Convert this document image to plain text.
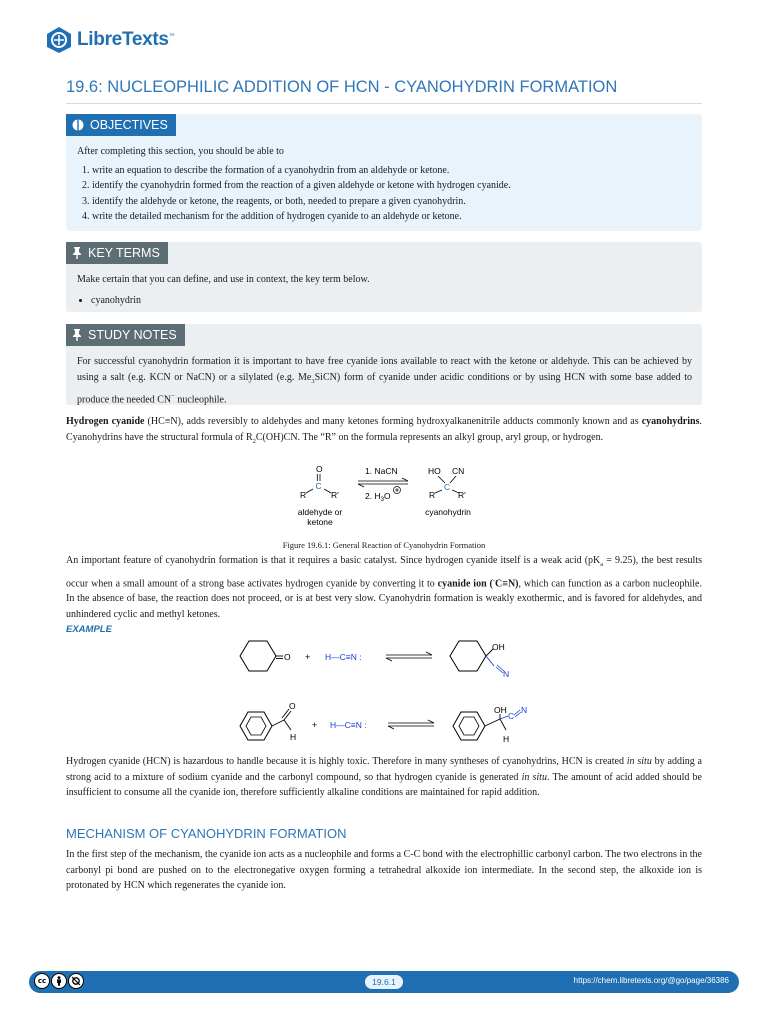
LibreTexts™
19.6: NUCLEOPHILIC ADDITION OF HCN - CYANOHYDRIN FORMATION
OBJECTIVES

After completing this section, you should be able to

1. write an equation to describe the formation of a cyanohydrin from an aldehyde or ketone.
2. identify the cyanohydrin formed from the reaction of a given aldehyde or ketone with hydrogen cyanide.
3. identify the aldehyde or ketone, the reagents, or both, needed to prepare a given cyanohydrin.
4. write the detailed mechanism for the addition of hydrogen cyanide to an aldehyde or ketone.
KEY TERMS

Make certain that you can define, and use in context, the key term below.

• cyanohydrin
STUDY NOTES

For successful cyanohydrin formation it is important to have free cyanide ions available to react with the ketone or aldehyde. This can be achieved by using a salt (e.g. KCN or NaCN) or a silylated (e.g. $Me_3SiCN$) form of cyanide under acidic conditions or by using HCN with some base added to produce the needed CN− nucleophile.

Hydrogen cyanide (HC≡N), adds reversibly to aldehydes and many ketones forming hydroxyalkanenitrile adducts commonly known and as cyanohydrins. Cyanohydrins have the structural formula of $R_2C(OH)CN$. The “R” on the formula represents an alkyl group, aryl group, or hydrogen.

O
C
R	R'
aldehyde or
ketone
1. NaCN
2. $H_3O$
HO CN
C
R	R'
cyanohydrin

Figure 19.6.1: General Reaction of Cyanohydrin Formation

An important feature of cyanohydrin formation is that it requires a basic catalyst. Since hydrogen cyanide itself is a weak acid $(pK_a = 9.25)$, the best results occur when a small amount of a strong base activates hydrogen cyanide by converting it to cyanide ion (-C≡N), which can function as a carbon nucleophile. In the absence of base, the reaction does not proceed, or is at best very slow. Cyanohydrin formation is weakly exothermic, and is favored for aldehydes, and unhindered cyclic and methyl ketones.

EXAMPLE
O + H—C≡N :
OH
N
O
H
+ H—C≡N :
OH
H
C
N

Hydrogen cyanide (HCN) is hazardous to handle because it is highly toxic. Therefore in many syntheses of cyanohydrins, HCN is created in situ by adding a strong acid to a mixture of sodium cyanide and the carbonyl compound, so that hydrogen cyanide is generated in situ. The amount of acid added should be insufficient to consume all the cyanide ion, therefore sufficiently alkaline conditions are maintained for rapid addition.

MECHANISM OF CYANOHYDRIN FORMATION

In the first step of the mechanism, the cyanide ion acts as a nucleophile and forms a C-C bond with the electrophillic carbonyl carbon. The two electrons in the carbonyl pi bond are pushed on to the electronegative oxygen forming a tetrahedral alkoxide ion intermediate. In the second step, the alkoxide ion is protonated by HCN which regenerates the cyanide ion.

cc	19.6.1	https://chem.libretexts.org/@go/page/36386
